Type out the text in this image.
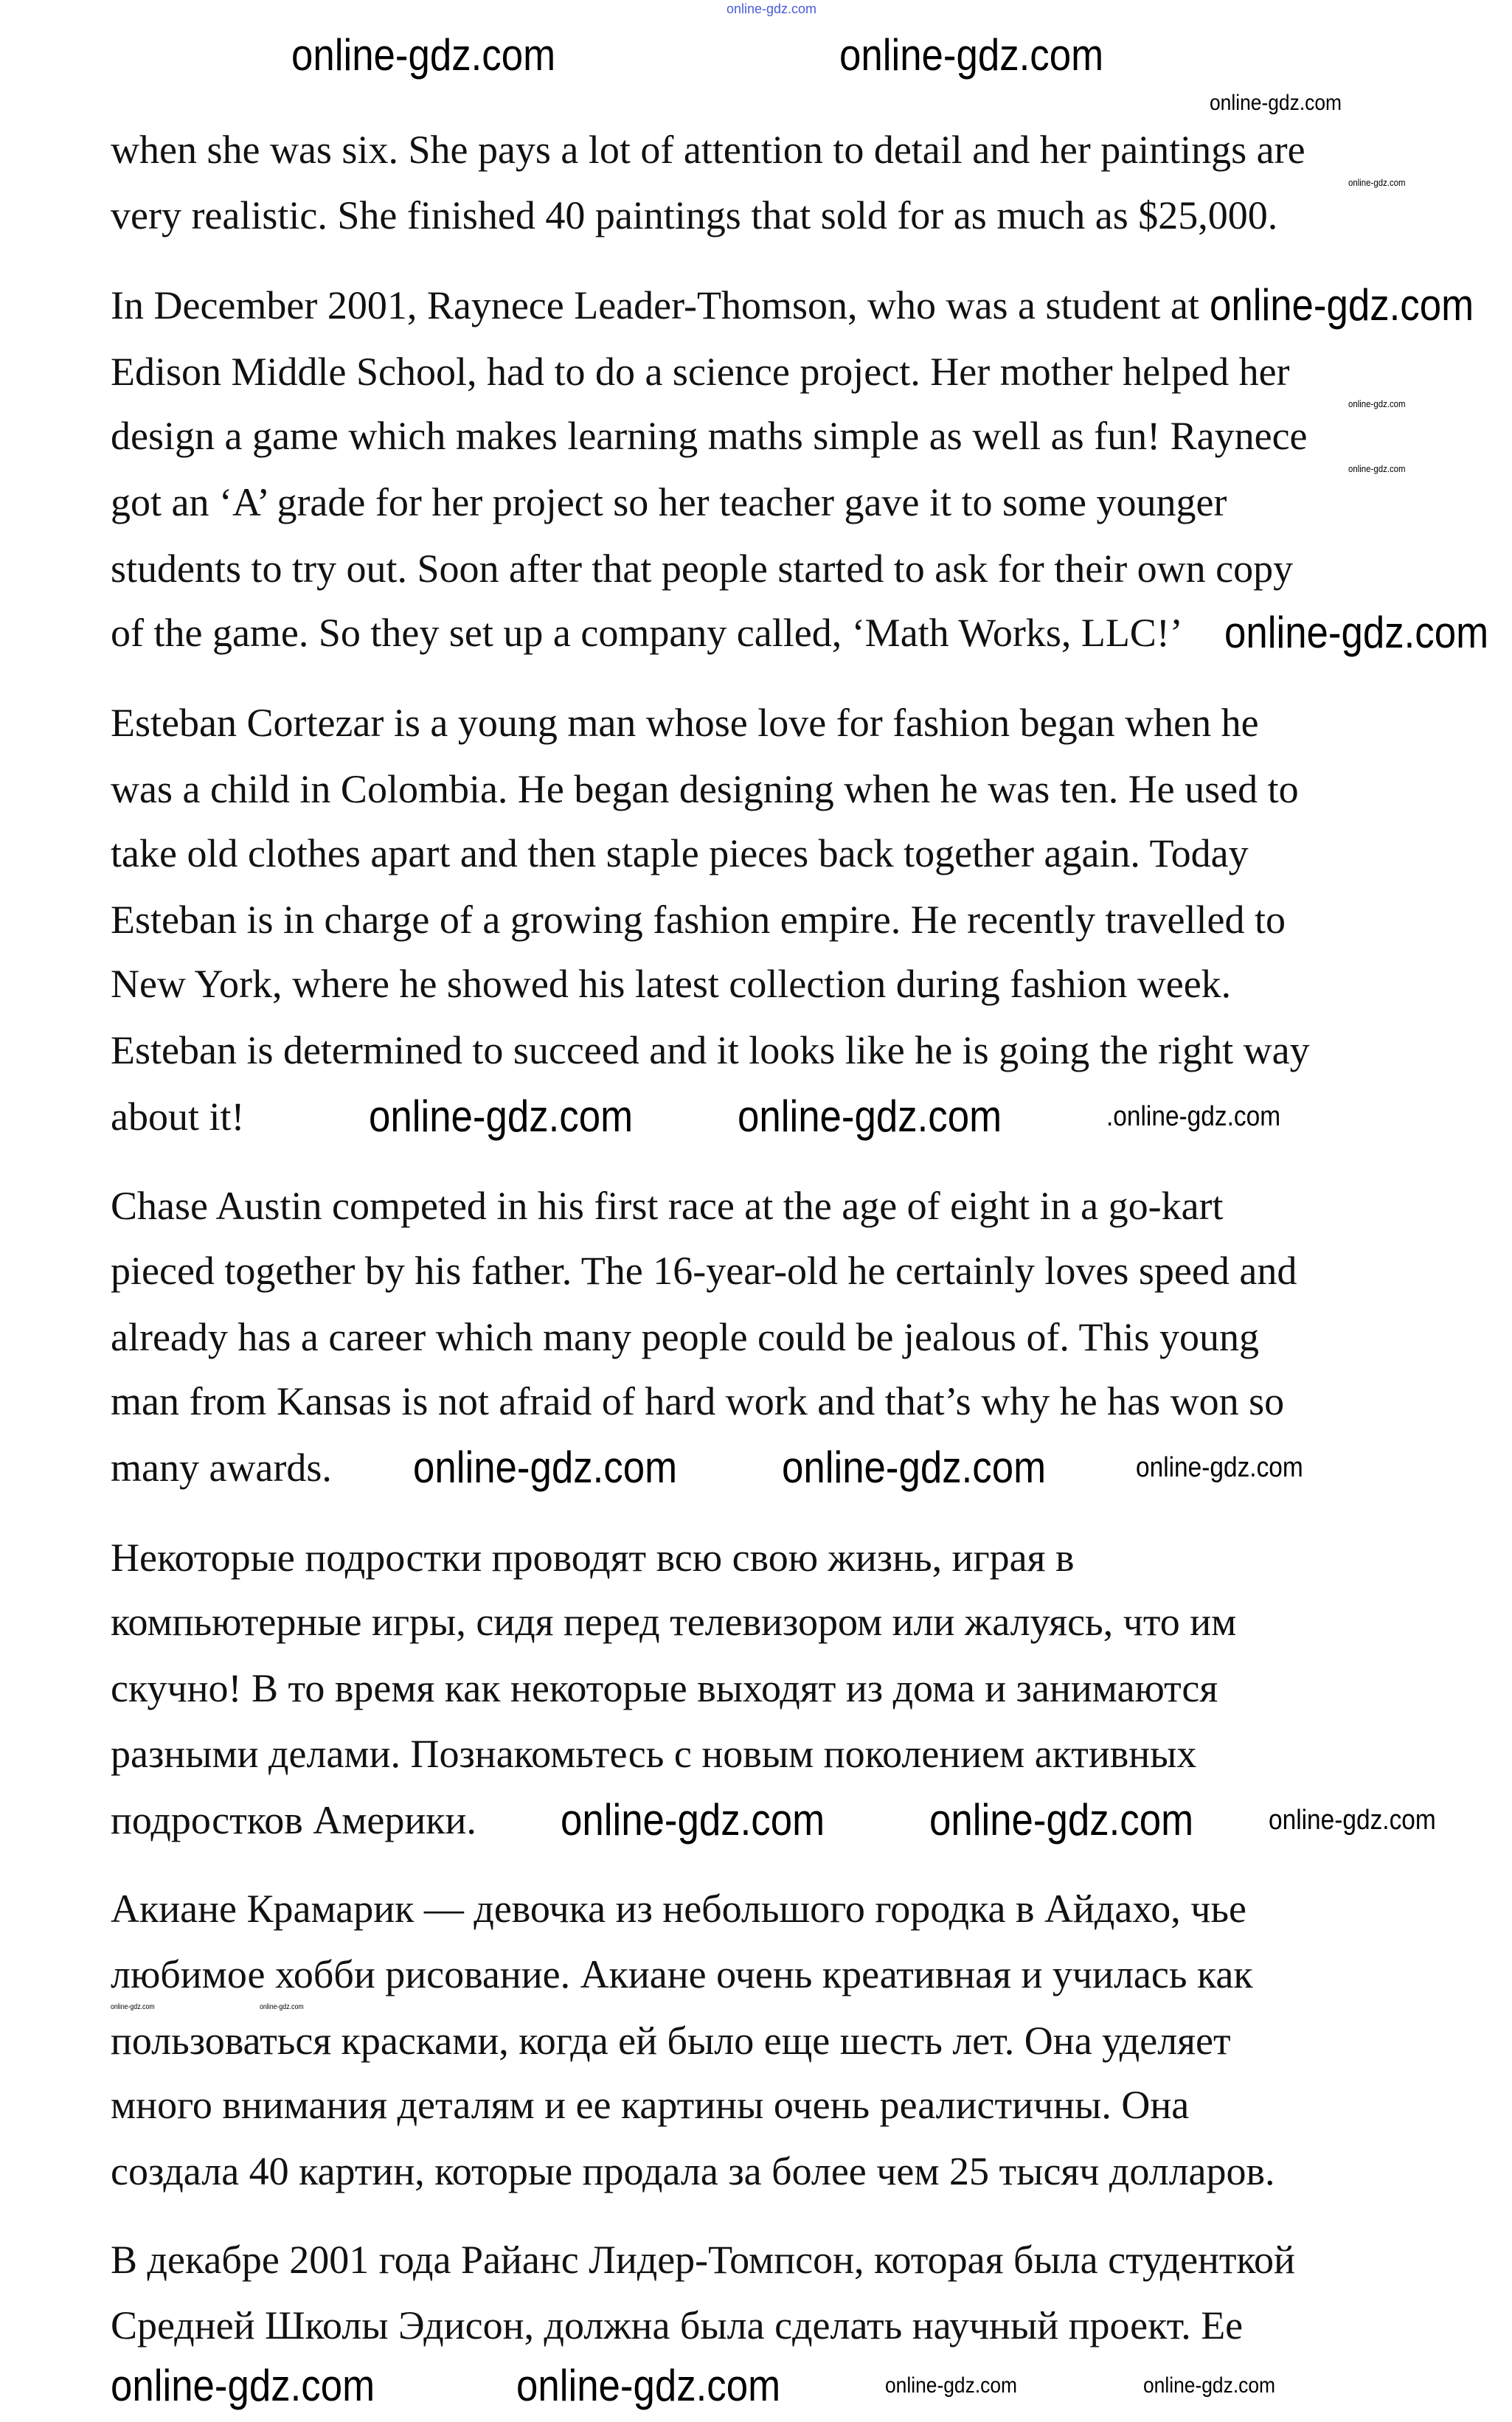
online-gdz.com
when she was six. She pays a lot of attention to detail and her paintings are
very realistic. She finished 40 paintings that sold for as much as $25,000.
In December 2001, Raynece Leader-Thomson, who was a student at
Edison Middle School, had to do a science project. Her mother helped her
design a game which makes learning maths simple as well as fun! Raynece
got an ‘A’ grade for her project so her teacher gave it to some younger
students to try out. Soon after that people started to ask for their own copy
of the game. So they set up a company called, ‘Math Works, LLC!’
Esteban Cortezar is a young man whose love for fashion began when he
was a child in Colombia. He began designing when he was ten. He used to
take old clothes apart and then staple pieces back together again. Today
Esteban is in charge of a growing fashion empire. He recently travelled to
New York, where he showed his latest collection during fashion week.
Esteban is determined to succeed and it looks like he is going the right way
about it!
Chase Austin competed in his first race at the age of eight in a go-kart
pieced together by his father. The 16-year-old he certainly loves speed and
already has a career which many people could be jealous of. This young
man from Kansas is not afraid of hard work and that’s why he has won so
many awards.
Некоторые подростки проводят всю свою жизнь, играя в
компьютерные игры, сидя перед телевизором или жалуясь, что им
скучно! В то время как некоторые выходят из дома и занимаются
разными делами. Познакомьтесь с новым поколением активных
подростков Америки.
Акиане Крамарик — девочка из небольшого городка в Айдахо, чье
любимое хобби рисование. Акиане очень креативная и училась как
пользоваться красками, когда ей было еще шесть лет. Она уделяет
много внимания деталям и ее картины очень реалистичны. Она
создала 40 картин, которые продала за более чем 25 тысяч долларов.
В декабре 2001 года Райанс Лидер-Томпсон, которая была студенткой
Средней Школы Эдисон, должна была сделать научный проект. Ее
online-gdz.com	online-gdz.com
online-gdz.com
online-gdz.com
online-gdz.com online-gdz.com
online-gdz.com online-gdz.com
online-gdz.com online-gdz.com
online-gdz.com	online-gdz.com
.online-gdz.com
online-gdz.com
online-gdz.com
online-gdz.com	online-gdz.com
online-gdz.com
online-gdz.com
online-gdz.com
online-gdz.com
online-gdz.com	online-gdz.com
